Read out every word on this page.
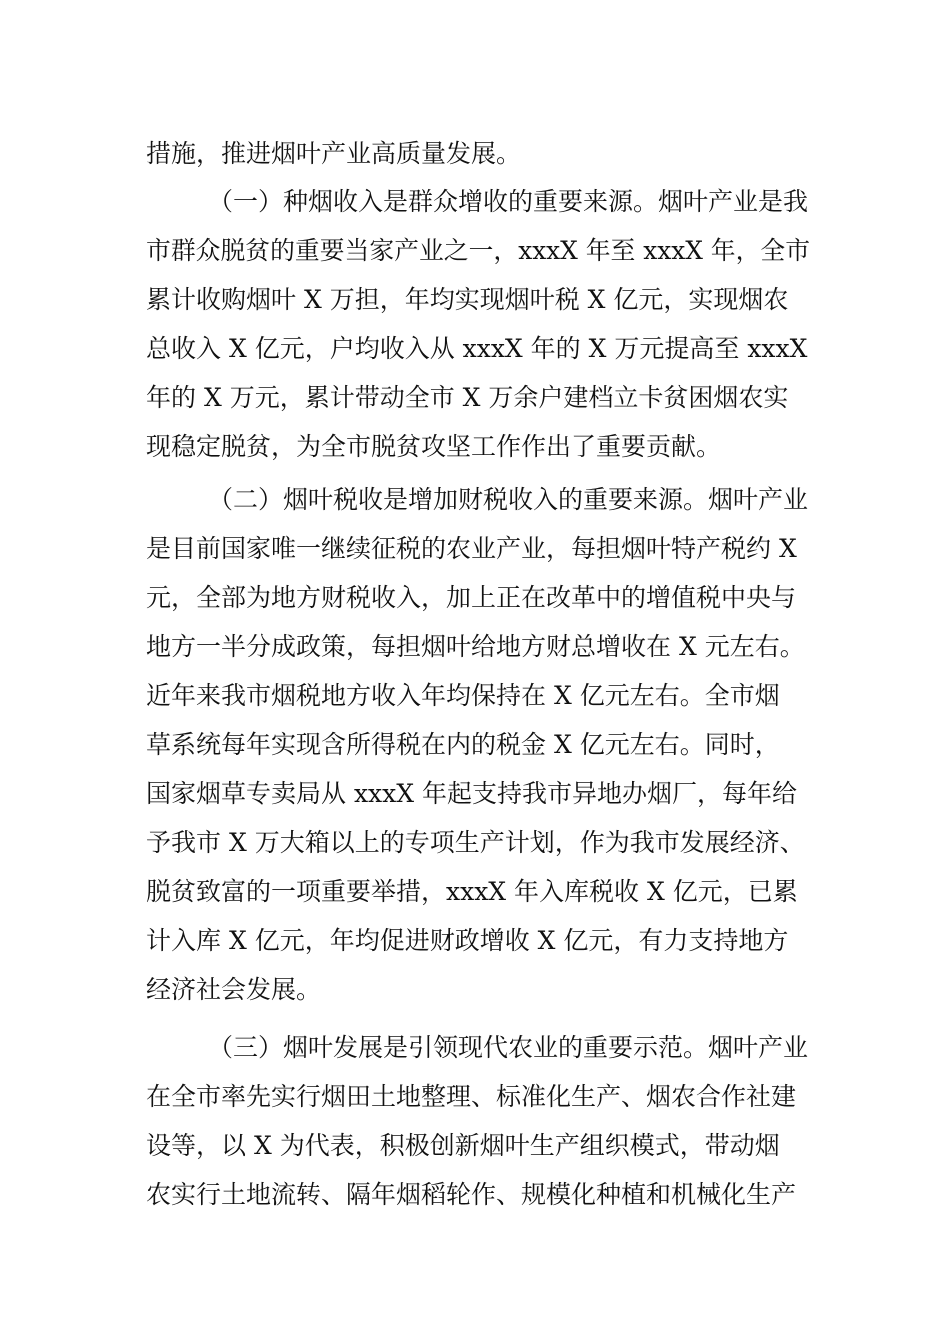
措施，推进烟叶产业高质量发展。
（一）种烟收入是群众增收的重要来源。烟叶产业是我
市群众脱贫的重要当家产业之一，xxxX 年至 xxxX 年，全市
累计收购烟叶 X 万担，年均实现烟叶税 X 亿元，实现烟农
总收入 X 亿元，户均收入从 xxxX 年的 X 万元提高至 xxxX
年的 X 万元，累计带动全市 X 万余户建档立卡贫困烟农实
现稳定脱贫，为全市脱贫攻坚工作作出了重要贡献。
（二）烟叶税收是增加财税收入的重要来源。烟叶产业
是目前国家唯一继续征税的农业产业，每担烟叶特产税约 X
元，全部为地方财税收入，加上正在改革中的增值税中央与
地方一半分成政策，每担烟叶给地方财总增收在 X 元左右。
近年来我市烟税地方收入年均保持在 X 亿元左右。全市烟
草系统每年实现含所得税在内的税金 X 亿元左右。同时，
国家烟草专卖局从 xxxX 年起支持我市异地办烟厂，每年给
予我市 X 万大箱以上的专项生产计划，作为我市发展经济、
脱贫致富的一项重要举措，xxxX 年入库税收 X 亿元，已累
计入库 X 亿元，年均促进财政增收 X 亿元，有力支持地方
经济社会发展。
（三）烟叶发展是引领现代农业的重要示范。烟叶产业
在全市率先实行烟田土地整理、标准化生产、烟农合作社建
设等，以 X 为代表，积极创新烟叶生产组织模式，带动烟
农实行土地流转、隔年烟稻轮作、规模化种植和机械化生产
